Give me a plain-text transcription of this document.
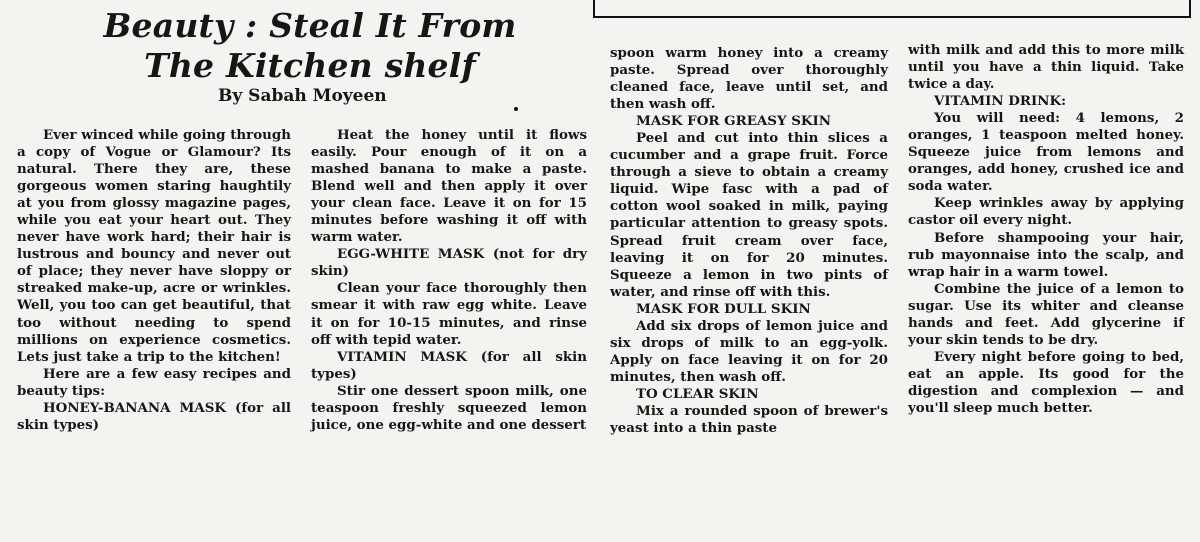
Beauty : Steal It From
The Kitchen shelf
By Sabah Moyeen

Ever winced while going through a copy of Vogue or Glamour? Its natural. There they are, these gorgeous women staring haughtily at you from glossy magazine pages, while you eat your heart out. They never have work hard; their hair is lustrous and bouncy and never out of place; they never have sloppy or streaked make-up, acre or wrinkles. Well, you too can get beautiful, that too without needing to spend millions on experience cosmetics. Lets just take a trip to the kitchen!

Here are a few easy recipes and beauty tips:

HONEY-BANANA MASK (for all skin types)

Heat the honey until it flows easily. Pour enough of it on a mashed banana to make a paste. Blend well and then apply it over your clean face. Leave it on for 15 minutes before washing it off with warm water.

EGG-WHITE MASK (not for dry skin)

Clean your face thoroughly then smear it with raw egg white. Leave it on for 10-15 minutes, and rinse off with tepid water.

VITAMIN MASK (for all skin types)

Stir one dessert spoon milk, one teaspoon freshly squeezed lemon juice, one egg-white and one dessert

spoon warm honey into a creamy paste. Spread over thoroughly cleaned face, leave until set, and then wash off.

MASK FOR GREASY SKIN

Peel and cut into thin slices a cucumber and a grape fruit. Force through a sieve to obtain a creamy liquid. Wipe fasc with a pad of cotton wool soaked in milk, paying particular attention to greasy spots. Spread fruit cream over face, leaving it on for 20 minutes. Squeeze a lemon in two pints of water, and rinse off with this.

MASK FOR DULL SKIN

Add six drops of lemon juice and six drops of milk to an egg-yolk. Apply on face leaving it on for 20 minutes, then wash off.

TO CLEAR SKIN

Mix a rounded spoon of brewer's yeast into a thin paste

with milk and add this to more milk until you have a thin liquid. Take twice a day.

VITAMIN DRINK:

You will need: 4 lemons, 2 oranges, 1 teaspoon melted honey. Squeeze juice from lemons and oranges, add honey, crushed ice and soda water.

Keep wrinkles away by applying castor oil every night.

Before shampooing your hair, rub mayonnaise into the scalp, and wrap hair in a warm towel.

Combine the juice of a lemon to sugar. Use its whiter and cleanse hands and feet. Add glycerine if your skin tends to be dry.

Every night before going to bed, eat an apple. Its good for the digestion and complexion — and you'll sleep much better.
